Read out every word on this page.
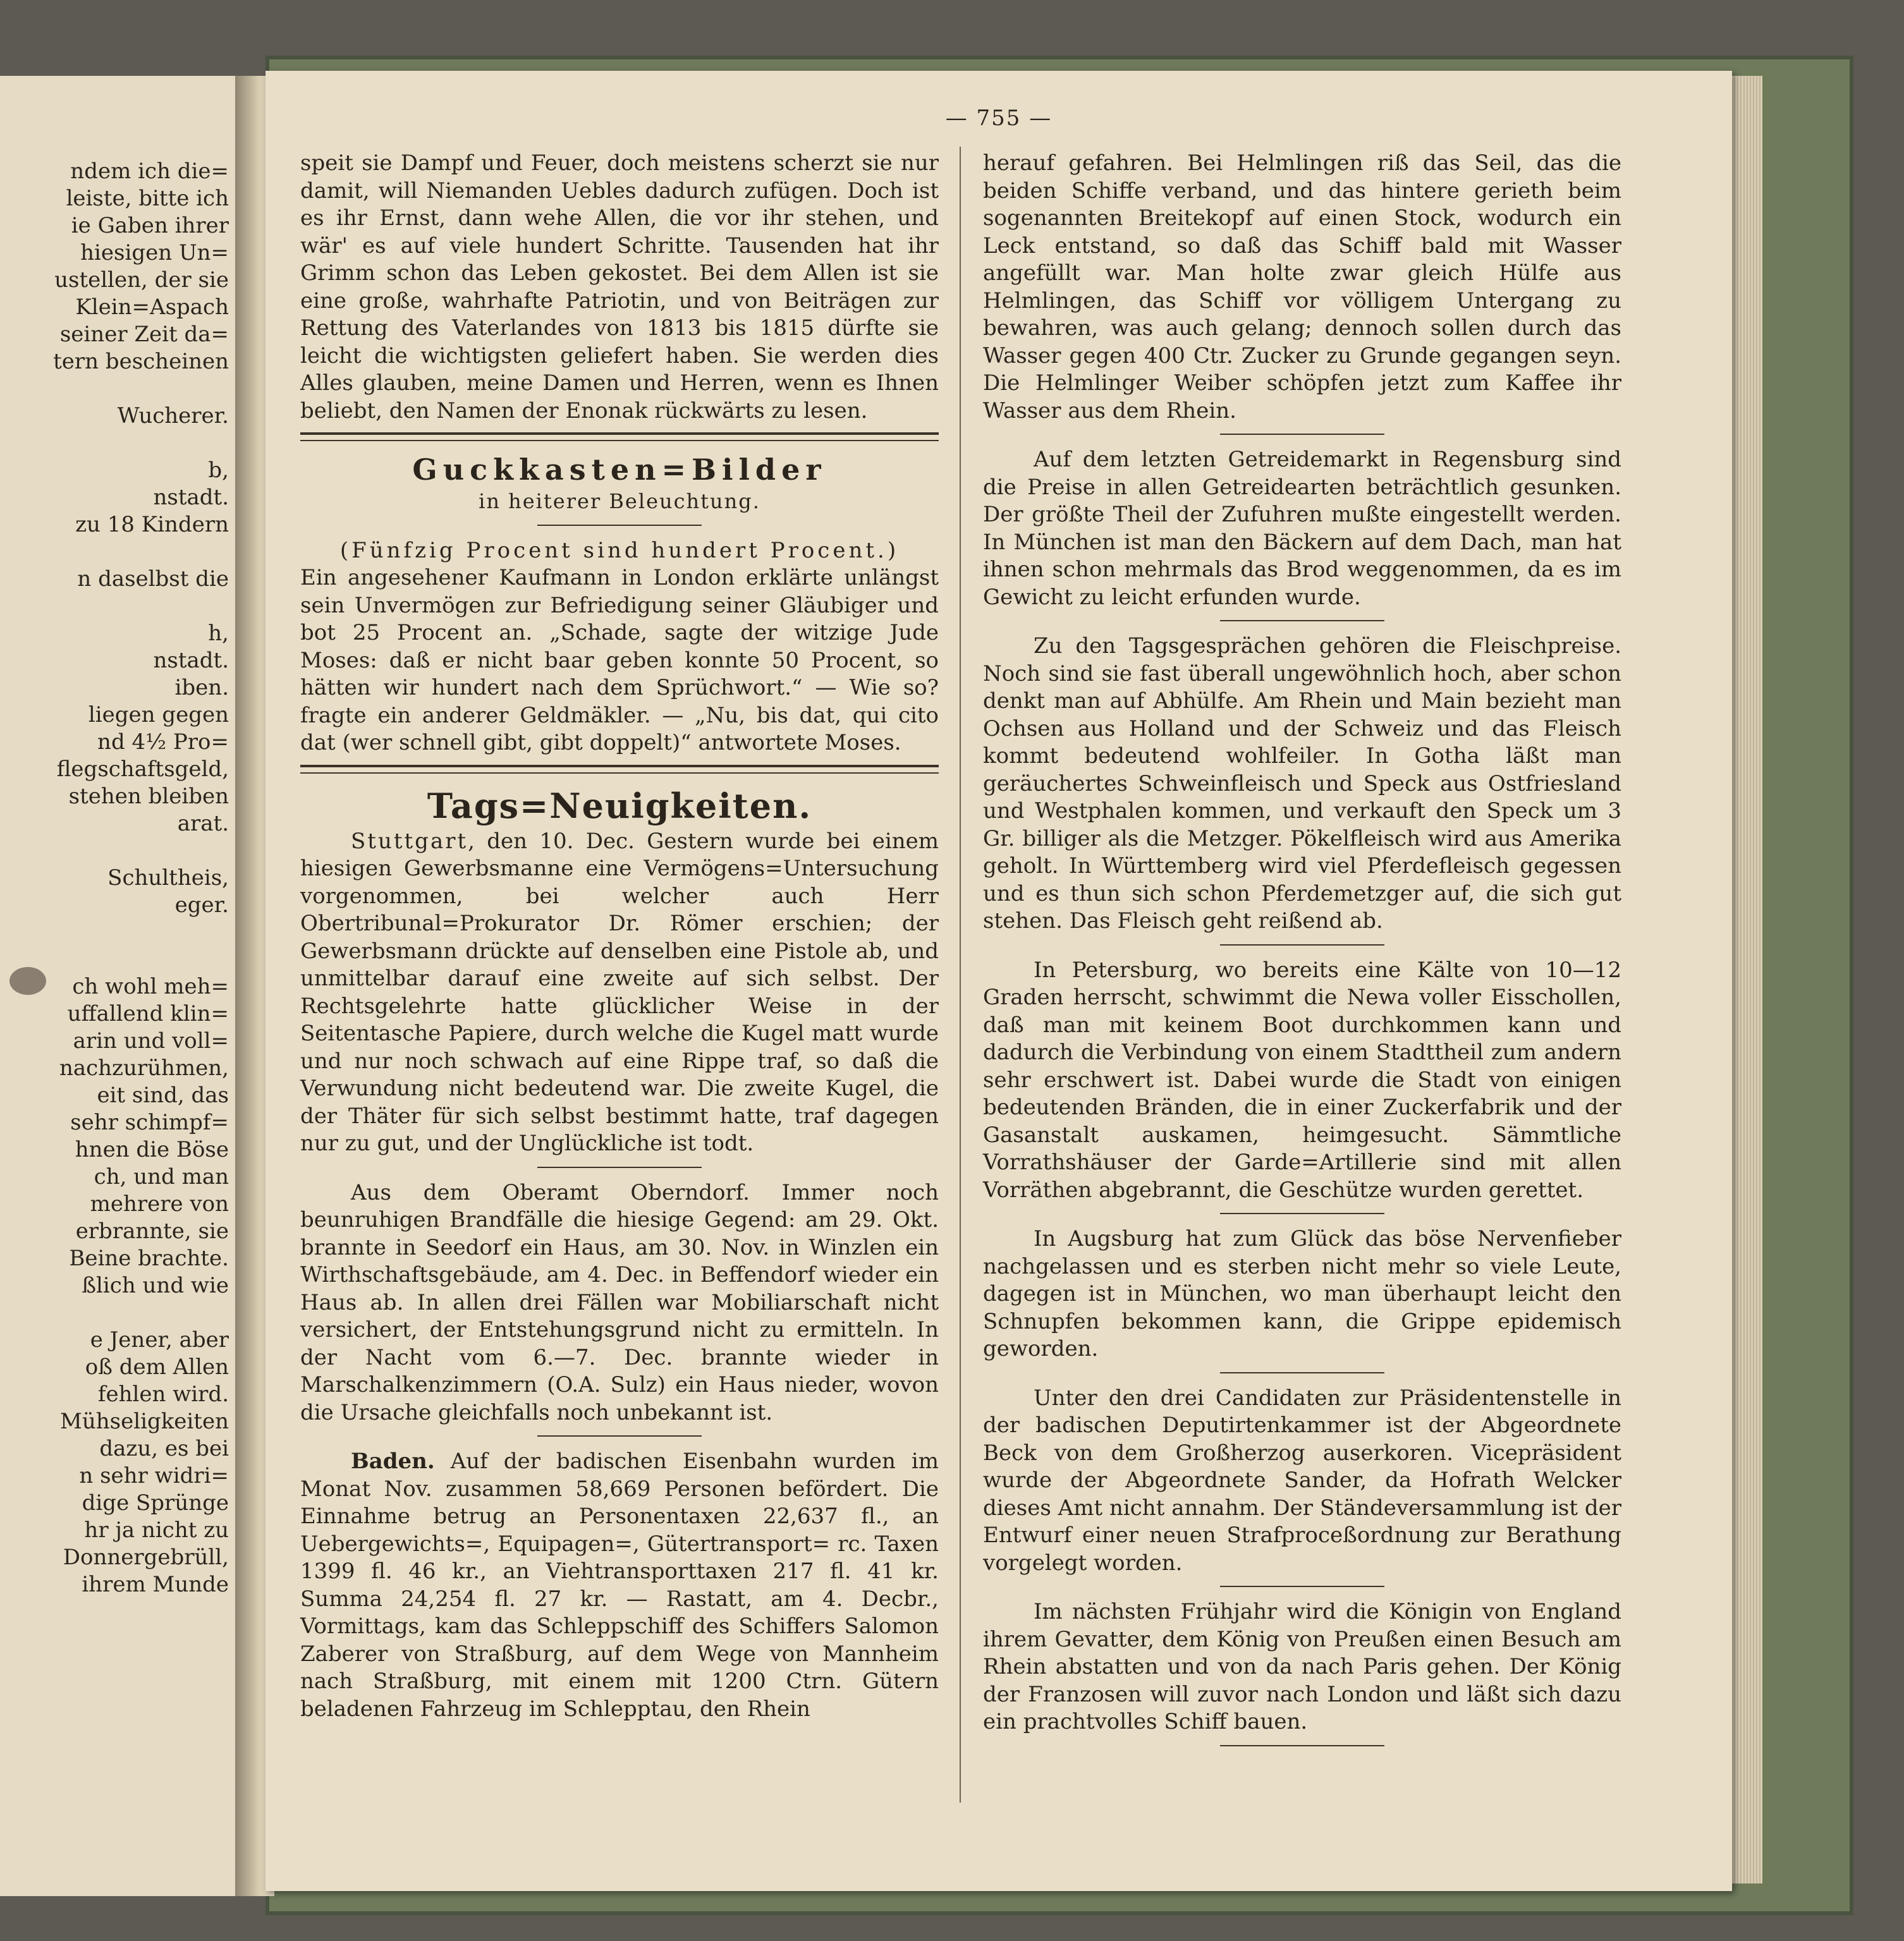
ndem ich die=
leiste, bitte ich
ie Gaben ihrer
hiesigen Un=
ustellen, der sie
Klein=Aspach
seiner Zeit da=
tern bescheinen

Wucherer.

b,
nstadt.
zu 18 Kindern

n daselbst die

h,
nstadt.
iben.
liegen gegen
nd 4½ Pro=
flegschaftsgeld,
stehen bleiben
arat.

Schultheis,
eger.

ch wohl meh=
uffallend klin=
arin und voll=
nachzurühmen,
eit sind, das
sehr schimpf=
hnen die Böse
ch, und man
mehrere von
erbrannte, sie
Beine brachte.
ßlich und wie

e Jener, aber
oß dem Allen
fehlen wird.
Mühseligkeiten
dazu, es bei
n sehr widri=
dige Sprünge
hr ja nicht zu
Donnergebrüll,
ihrem Munde
— 755 —

speit sie Dampf und Feuer, doch meistens scherzt sie nur damit, will Niemanden Uebles dadurch zufügen. Doch ist es ihr Ernst, dann wehe Allen, die vor ihr stehen, und wär' es auf viele hundert Schritte. Tausenden hat ihr Grimm schon das Leben gekostet. Bei dem Allen ist sie eine große, wahrhafte Patriotin, und von Beiträgen zur Rettung des Vaterlandes von 1813 bis 1815 dürfte sie leicht die wichtigsten geliefert haben. Sie werden dies Alles glauben, meine Damen und Herren, wenn es Ihnen beliebt, den Namen der Enonak rückwärts zu lesen.

Guckkasten=Bilder
in heiterer Beleuchtung.

(Fünfzig Procent sind hundert Procent.)

Ein angesehener Kaufmann in London erklärte unlängst sein Unvermögen zur Befriedigung seiner Gläubiger und bot 25 Procent an. „Schade, sagte der witzige Jude Moses: daß er nicht baar geben konnte 50 Procent, so hätten wir hundert nach dem Sprüchwort.“ — Wie so? fragte ein anderer Geldmäkler. — „Nu, bis dat, qui cito dat (wer schnell gibt, gibt doppelt)“ antwortete Moses.

Tags=Neuigkeiten.

Stuttgart, den 10. Dec. Gestern wurde bei einem hiesigen Gewerbsmanne eine Vermögens=Untersuchung vorgenommen, bei welcher auch Herr Obertribunal=Prokurator Dr. Römer erschien; der Gewerbsmann drückte auf denselben eine Pistole ab, und unmittelbar darauf eine zweite auf sich selbst. Der Rechtsgelehrte hatte glücklicher Weise in der Seitentasche Papiere, durch welche die Kugel matt wurde und nur noch schwach auf eine Rippe traf, so daß die Verwundung nicht bedeutend war. Die zweite Kugel, die der Thäter für sich selbst bestimmt hatte, traf dagegen nur zu gut, und der Unglückliche ist todt.

Aus dem Oberamt Oberndorf. Immer noch beunruhigen Brandfälle die hiesige Gegend: am 29. Okt. brannte in Seedorf ein Haus, am 30. Nov. in Winzlen ein Wirthschaftsgebäude, am 4. Dec. in Beffendorf wieder ein Haus ab. In allen drei Fällen war Mobiliarschaft nicht versichert, der Entstehungsgrund nicht zu ermitteln. In der Nacht vom 6.—7. Dec. brannte wieder in Marschalkenzimmern (O.A. Sulz) ein Haus nieder, wovon die Ursache gleichfalls noch unbekannt ist.

Baden. Auf der badischen Eisenbahn wurden im Monat Nov. zusammen 58,669 Personen befördert. Die Einnahme betrug an Personentaxen 22,637 fl., an Uebergewichts=, Equipagen=, Gütertransport= rc. Taxen 1399 fl. 46 kr., an Viehtransporttaxen 217 fl. 41 kr. Summa 24,254 fl. 27 kr. — Rastatt, am 4. Decbr., Vormittags, kam das Schleppschiff des Schiffers Salomon Zaberer von Straßburg, auf dem Wege von Mannheim nach Straßburg, mit einem mit 1200 Ctrn. Gütern beladenen Fahrzeug im Schlepptau, den Rhein

herauf gefahren. Bei Helmlingen riß das Seil, das die beiden Schiffe verband, und das hintere gerieth beim sogenannten Breitekopf auf einen Stock, wodurch ein Leck entstand, so daß das Schiff bald mit Wasser angefüllt war. Man holte zwar gleich Hülfe aus Helmlingen, das Schiff vor völligem Untergang zu bewahren, was auch gelang; dennoch sollen durch das Wasser gegen 400 Ctr. Zucker zu Grunde gegangen seyn. Die Helmlinger Weiber schöpfen jetzt zum Kaffee ihr Wasser aus dem Rhein.

Auf dem letzten Getreidemarkt in Regensburg sind die Preise in allen Getreidearten beträchtlich gesunken. Der größte Theil der Zufuhren mußte eingestellt werden. In München ist man den Bäckern auf dem Dach, man hat ihnen schon mehrmals das Brod weggenommen, da es im Gewicht zu leicht erfunden wurde.

Zu den Tagsgesprächen gehören die Fleischpreise. Noch sind sie fast überall ungewöhnlich hoch, aber schon denkt man auf Abhülfe. Am Rhein und Main bezieht man Ochsen aus Holland und der Schweiz und das Fleisch kommt bedeutend wohlfeiler. In Gotha läßt man geräuchertes Schweinfleisch und Speck aus Ostfriesland und Westphalen kommen, und verkauft den Speck um 3 Gr. billiger als die Metzger. Pökelfleisch wird aus Amerika geholt. In Württemberg wird viel Pferdefleisch gegessen und es thun sich schon Pferdemetzger auf, die sich gut stehen. Das Fleisch geht reißend ab.

In Petersburg, wo bereits eine Kälte von 10—12 Graden herrscht, schwimmt die Newa voller Eisschollen, daß man mit keinem Boot durchkommen kann und dadurch die Verbindung von einem Stadttheil zum andern sehr erschwert ist. Dabei wurde die Stadt von einigen bedeutenden Bränden, die in einer Zuckerfabrik und der Gasanstalt auskamen, heimgesucht. Sämmtliche Vorrathshäuser der Garde=Artillerie sind mit allen Vorräthen abgebrannt, die Geschütze wurden gerettet.

In Augsburg hat zum Glück das böse Nervenfieber nachgelassen und es sterben nicht mehr so viele Leute, dagegen ist in München, wo man überhaupt leicht den Schnupfen bekommen kann, die Grippe epidemisch geworden.

Unter den drei Candidaten zur Präsidentenstelle in der badischen Deputirtenkammer ist der Abgeordnete Beck von dem Großherzog auserkoren. Vicepräsident wurde der Abgeordnete Sander, da Hofrath Welcker dieses Amt nicht annahm. Der Ständeversammlung ist der Entwurf einer neuen Strafproceßordnung zur Berathung vorgelegt worden.

Im nächsten Frühjahr wird die Königin von England ihrem Gevatter, dem König von Preußen einen Besuch am Rhein abstatten und von da nach Paris gehen. Der König der Franzosen will zuvor nach London und läßt sich dazu ein prachtvolles Schiff bauen.
